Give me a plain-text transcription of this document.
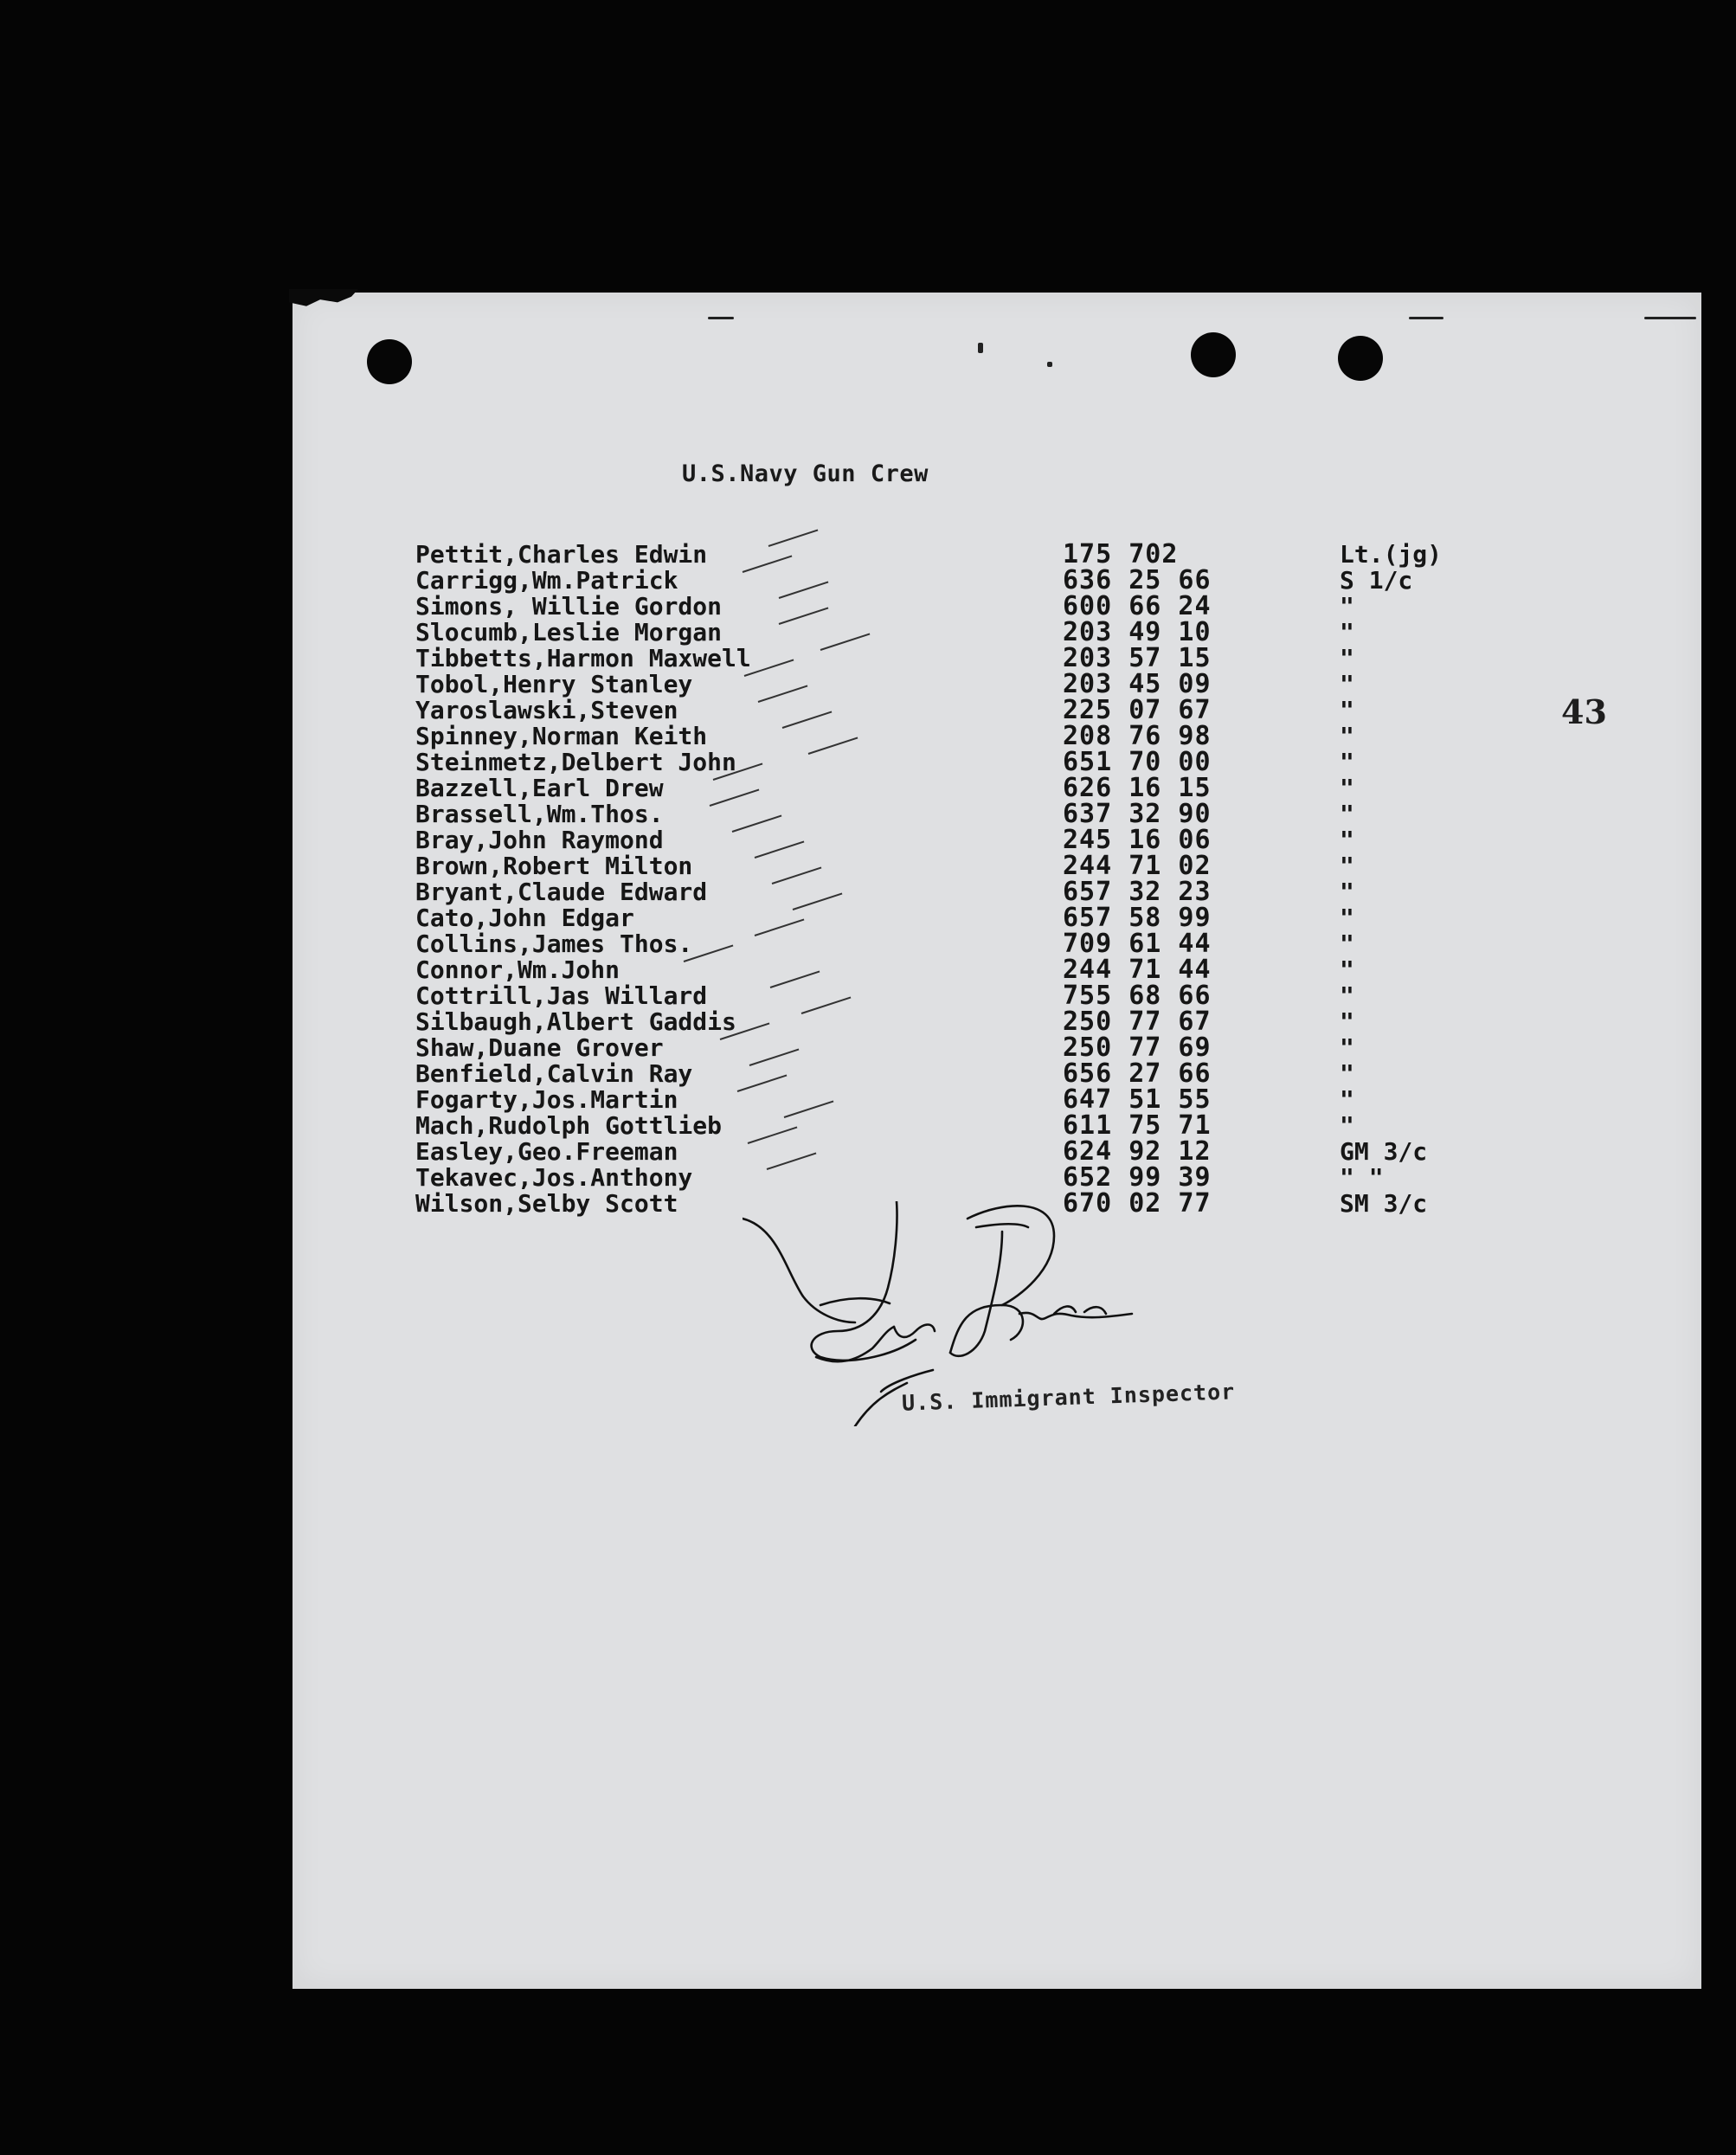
U.S.Navy Gun Crew
43
Pettit,Charles Edwin	175 702	Lt.(jg)
Carrigg,Wm.Patrick	636 25 66	S 1/c
Simons, Willie Gordon	600 66 24	"
Slocumb,Leslie Morgan	203 49 10	"
Tibbetts,Harmon Maxwell	203 57 15	"
Tobol,Henry Stanley	203 45 09	"
Yaroslawski,Steven	225 07 67	"
Spinney,Norman Keith	208 76 98	"
Steinmetz,Delbert John	651 70 00	"
Bazzell,Earl Drew	626 16 15	"
Brassell,Wm.Thos.	637 32 90	"
Bray,John Raymond	245 16 06	"
Brown,Robert Milton	244 71 02	"
Bryant,Claude Edward	657 32 23	"
Cato,John Edgar	657 58 99	"
Collins,James Thos.	709 61 44	"
Connor,Wm.John	244 71 44	"
Cottrill,Jas Willard	755 68 66	"
Silbaugh,Albert Gaddis	250 77 67	"
Shaw,Duane Grover	250 77 69	"
Benfield,Calvin Ray	656 27 66	"
Fogarty,Jos.Martin	647 51 55	"
Mach,Rudolph Gottlieb	611 75 71	"
Easley,Geo.Freeman	624 92 12	GM 3/c
Tekavec,Jos.Anthony	652 99 39	" "
Wilson,Selby Scott	670 02 77	SM 3/c
U.S. Immigrant Inspector
